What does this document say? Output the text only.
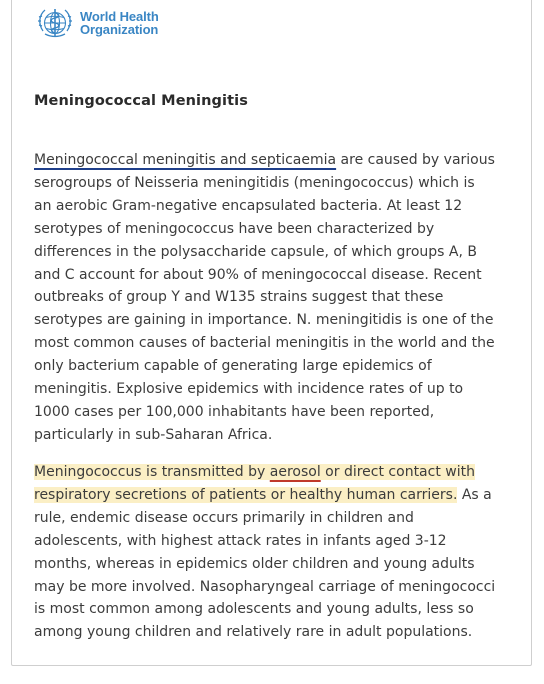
World Health
Organization
Meningococcal Meningitis
Meningococcal meningitis and septicaemia are caused by various
serogroups of Neisseria meningitidis (meningococcus) which is
an aerobic Gram-negative encapsulated bacteria. At least 12
serotypes of meningococcus have been characterized by
differences in the polysaccharide capsule, of which groups A, B
and C account for about 90% of meningococcal disease. Recent
outbreaks of group Y and W135 strains suggest that these
serotypes are gaining in importance. N. meningitidis is one of the
most common causes of bacterial meningitis in the world and the
only bacterium capable of generating large epidemics of
meningitis. Explosive epidemics with incidence rates of up to
1000 cases per 100,000 inhabitants have been reported,
particularly in sub-Saharan Africa.
Meningococcus is transmitted by aerosol or direct contact with
respiratory secretions of patients or healthy human carriers. As a
rule, endemic disease occurs primarily in children and
adolescents, with highest attack rates in infants aged 3-12
months, whereas in epidemics older children and young adults
may be more involved. Nasopharyngeal carriage of meningococci
is most common among adolescents and young adults, less so
among young children and relatively rare in adult populations.
